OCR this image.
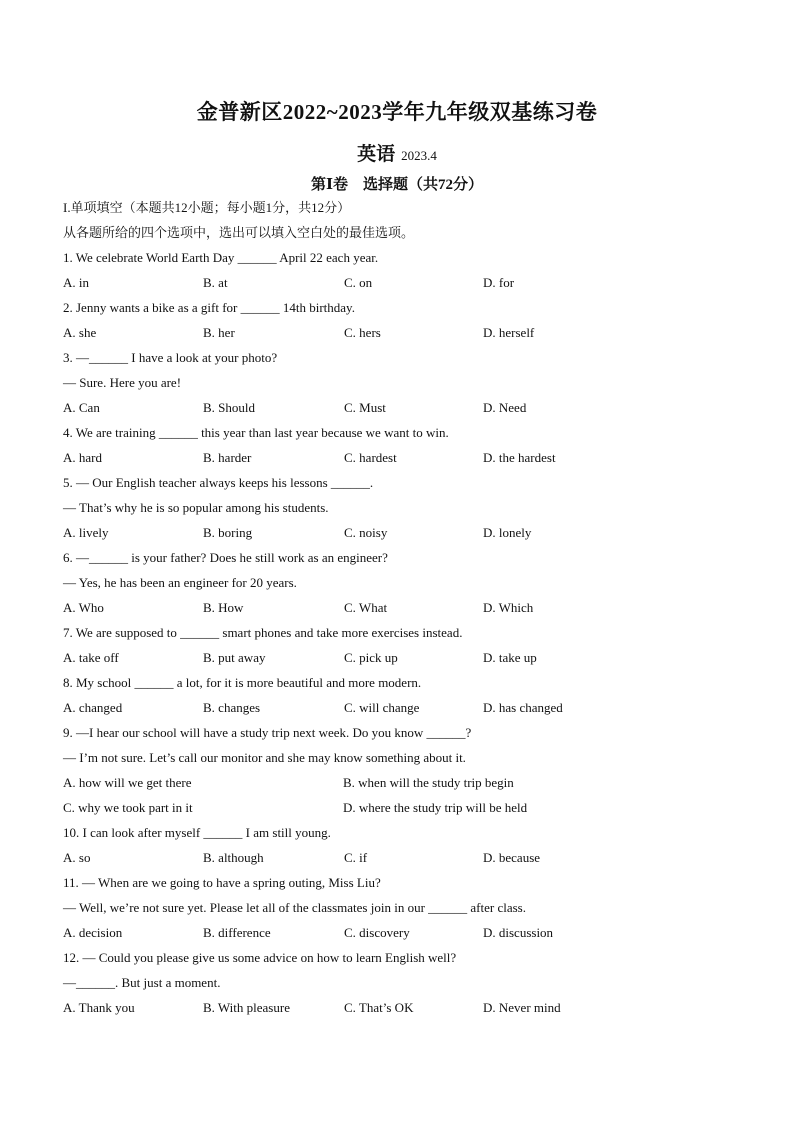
金普新区2022~2023学年九年级双基练习卷
英语 2023.4
第Ⅰ卷　选择题（共72分）
I.单项填空（本题共12小题；每小题1分，共12分）
从各题所给的四个选项中，选出可以填入空白处的最佳选项。
1. We celebrate World Earth Day ______ April 22 each year.
A. in	B. at	C. on	D. for
2. Jenny wants a bike as a gift for ______ 14th birthday.
A. she	B. her	C. hers	D. herself
3. —______ I have a look at your photo?
— Sure. Here you are!
A. Can	B. Should	C. Must	D. Need
4. We are training ______ this year than last year because we want to win.
A. hard	B. harder	C. hardest	D. the hardest
5. — Our English teacher always keeps his lessons ______.
— That’s why he is so popular among his students.
A. lively	B. boring	C. noisy	D. lonely
6. —______ is your father? Does he still work as an engineer?
— Yes, he has been an engineer for 20 years.
A. Who	B. How	C. What	D. Which
7. We are supposed to ______ smart phones and take more exercises instead.
A. take off	B. put away	C. pick up	D. take up
8. My school ______ a lot, for it is more beautiful and more modern.
A. changed	B. changes	C. will change	D. has changed
9. —I hear our school will have a study trip next week. Do you know ______?
— I’m not sure. Let’s call our monitor and she may know something about it.
A. how will we get there	B. when will the study trip begin
C. why we took part in it	D. where the study trip will be held
10. I can look after myself ______ I am still young.
A. so	B. although	C. if	D. because
11. — When are we going to have a spring outing, Miss Liu?
— Well, we’re not sure yet. Please let all of the classmates join in our ______ after class.
A. decision	B. difference	C. discovery	D. discussion
12. — Could you please give us some advice on how to learn English well?
—______. But just a moment.
A. Thank you	B. With pleasure	C. That’s OK	D. Never mind
